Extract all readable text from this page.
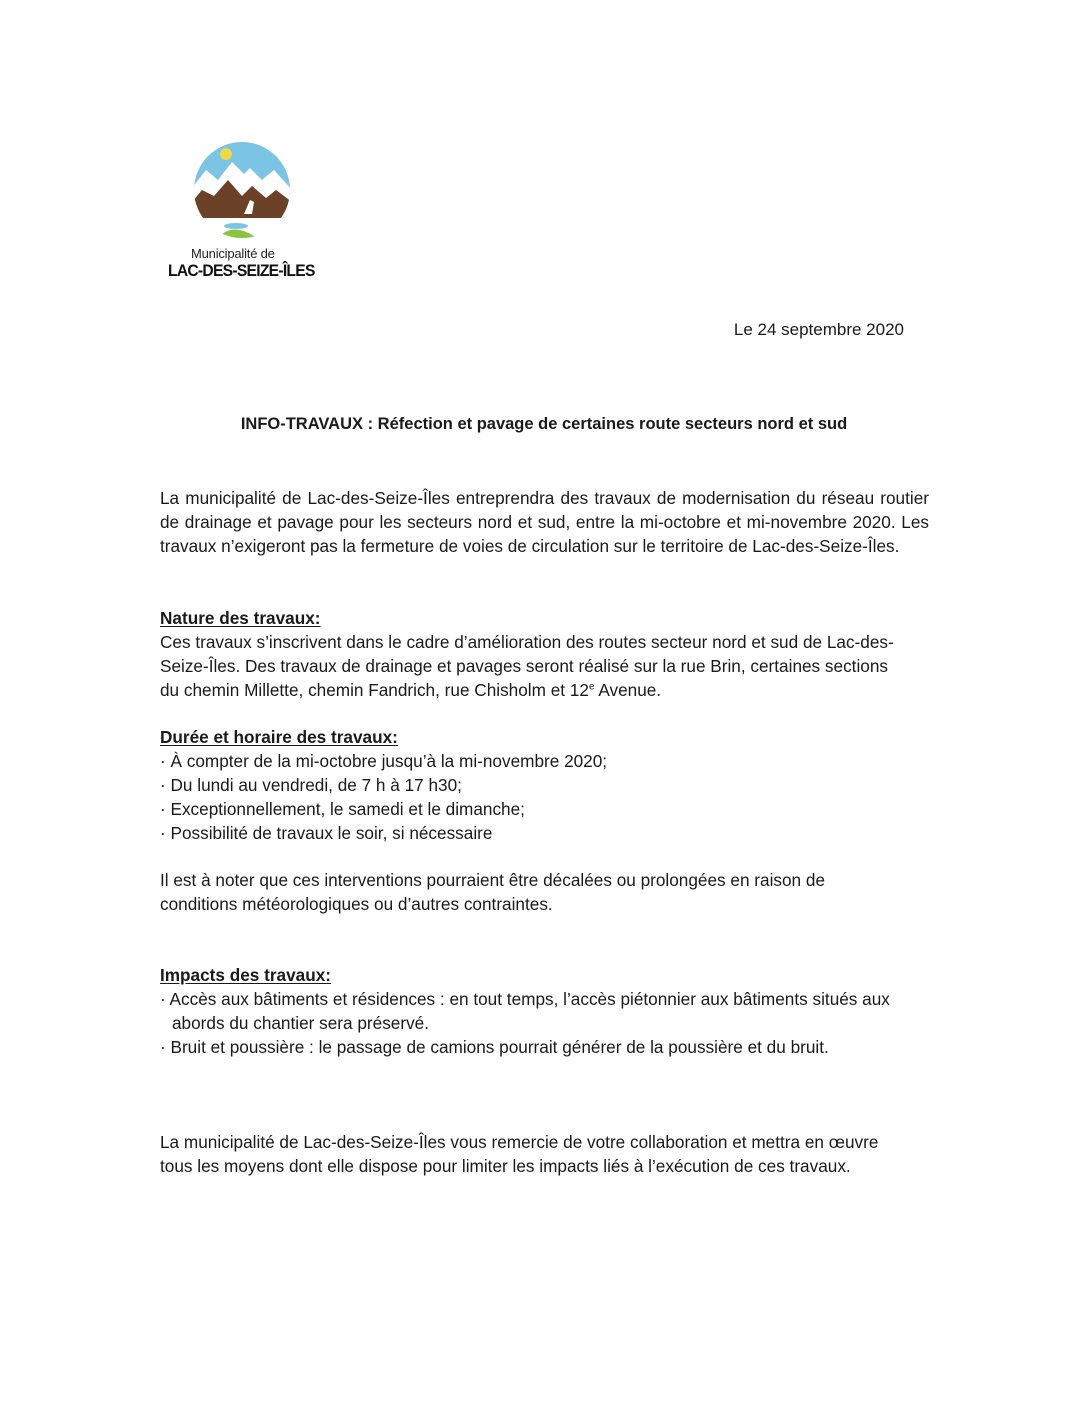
Municipalité de
LAC-DES-SEIZE-ÎLES
Le 24 septembre 2020
INFO-TRAVAUX : Réfection et pavage de certaines route secteurs nord et sud

La municipalité de Lac-des-Seize-Îles entreprendra des travaux de modernisation du réseau routier de drainage et pavage pour les secteurs nord et sud, entre la mi-octobre et mi-novembre 2020. Les travaux n’exigeront pas la fermeture de voies de circulation sur le territoire de Lac-des-Seize-Îles.

Nature des travaux:
Ces travaux s’inscrivent dans le cadre d’amélioration des routes secteur nord et sud de Lac-des-
Seize-Îles. Des travaux de drainage et pavages seront réalisé sur la rue Brin, certaines sections
du chemin Millette, chemin Fandrich, rue Chisholm et 12e Avenue.
Durée et horaire des travaux:
· À compter de la mi-octobre jusqu’à la mi-novembre 2020;
· Du lundi au vendredi, de 7 h à 17 h30;
· Exceptionnellement, le samedi et le dimanche;
· Possibilité de travaux le soir, si nécessaire
Il est à noter que ces interventions pourraient être décalées ou prolongées en raison de
conditions météorologiques ou d’autres contraintes.
Impacts des travaux:
· Accès aux bâtiments et résidences : en tout temps, l’accès piétonnier aux bâtiments situés aux
abords du chantier sera préservé.
· Bruit et poussière : le passage de camions pourrait générer de la poussière et du bruit.
La municipalité de Lac-des-Seize-Îles vous remercie de votre collaboration et mettra en œuvre
tous les moyens dont elle dispose pour limiter les impacts liés à l’exécution de ces travaux.
